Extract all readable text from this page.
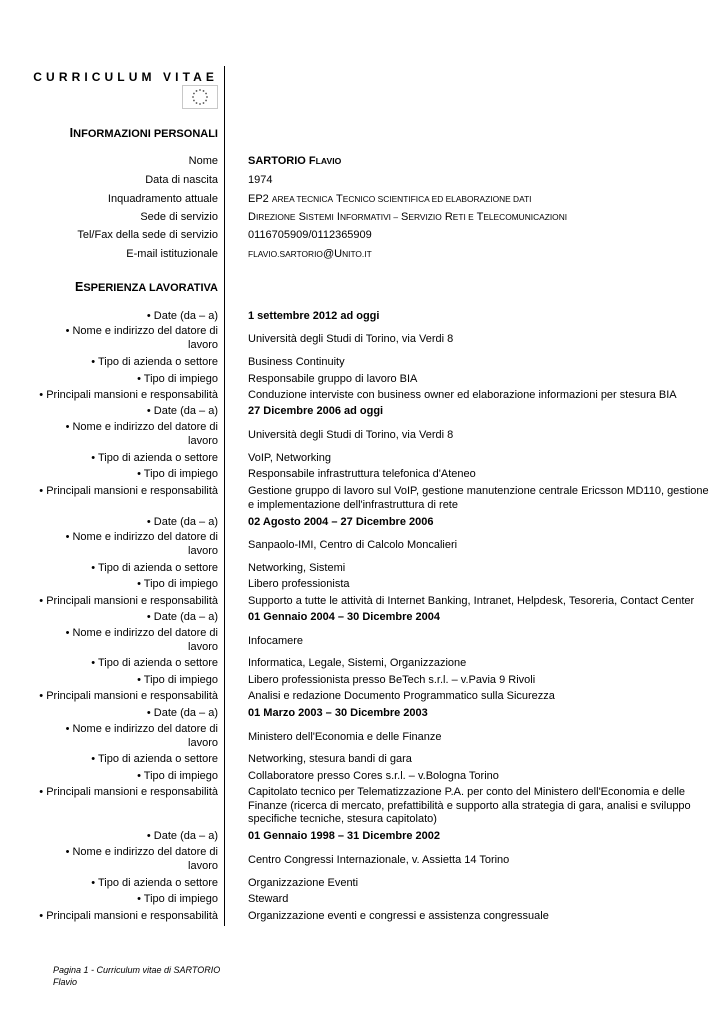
CURRICULUM VITAE
INFORMAZIONI PERSONALI
Nome	SARTORIO FLAVIO
Data di nascita	1974
Inquadramento attuale	EP2 AREA TECNICA TECNICO SCIENTIFICA ED ELABORAZIONE DATI
Sede di servizio	DIREZIONE SISTEMI INFORMATIVI – SERVIZIO RETI E TELECOMUNICAZIONI
Tel/Fax della sede di servizio	0116705909/0112365909
E-mail istituzionale	FLAVIO.SARTORIO@UNITO.IT
ESPERIENZA LAVORATIVA
• Date (da – a)	1 settembre 2012 ad oggi
• Nome e indirizzo del datore di
lavoro	Università degli Studi di Torino, via Verdi 8
• Tipo di azienda o settore	Business Continuity
• Tipo di impiego	Responsabile gruppo di lavoro BIA
• Principali mansioni e responsabilità	Conduzione interviste con business owner ed elaborazione informazioni per stesura BIA
• Date (da – a)	27 Dicembre 2006 ad oggi
• Nome e indirizzo del datore di
lavoro	Università degli Studi di Torino, via Verdi 8
• Tipo di azienda o settore	VoIP, Networking
• Tipo di impiego	Responsabile infrastruttura telefonica d'Ateneo
• Principali mansioni e responsabilità	Gestione gruppo di lavoro sul VoIP, gestione manutenzione centrale Ericsson MD110, gestione
e implementazione dell'infrastruttura di rete
• Date (da – a)	02 Agosto 2004 – 27 Dicembre 2006
• Nome e indirizzo del datore di
lavoro	Sanpaolo-IMI, Centro di Calcolo Moncalieri
• Tipo di azienda o settore	Networking, Sistemi
• Tipo di impiego	Libero professionista
• Principali mansioni e responsabilità	Supporto a tutte le attività di Internet Banking, Intranet, Helpdesk, Tesoreria, Contact Center
• Date (da – a)	01 Gennaio 2004 – 30 Dicembre 2004
• Nome e indirizzo del datore di
lavoro	Infocamere
• Tipo di azienda o settore	Informatica, Legale, Sistemi, Organizzazione
• Tipo di impiego	Libero professionista presso BeTech s.r.l. – v.Pavia 9 Rivoli
• Principali mansioni e responsabilità	Analisi e redazione Documento Programmatico sulla Sicurezza
• Date (da – a)	01 Marzo 2003 – 30 Dicembre 2003
• Nome e indirizzo del datore di
lavoro	Ministero dell'Economia e delle Finanze
• Tipo di azienda o settore	Networking, stesura bandi di gara
• Tipo di impiego	Collaboratore presso Cores s.r.l. – v.Bologna Torino
• Principali mansioni e responsabilità	Capitolato tecnico per Telematizzazione P.A. per conto del Ministero dell'Economia e delle
Finanze (ricerca di mercato, prefattibilità e supporto alla strategia di gara, analisi e sviluppo
specifiche tecniche, stesura capitolato)
• Date (da – a)	01 Gennaio 1998 – 31 Dicembre 2002
• Nome e indirizzo del datore di
lavoro	Centro Congressi Internazionale, v. Assietta 14 Torino
• Tipo di azienda o settore	Organizzazione Eventi
• Tipo di impiego	Steward
• Principali mansioni e responsabilità	Organizzazione eventi e congressi e assistenza congressuale
Pagina 1 - Curriculum vitae di SARTORIO
Flavio
